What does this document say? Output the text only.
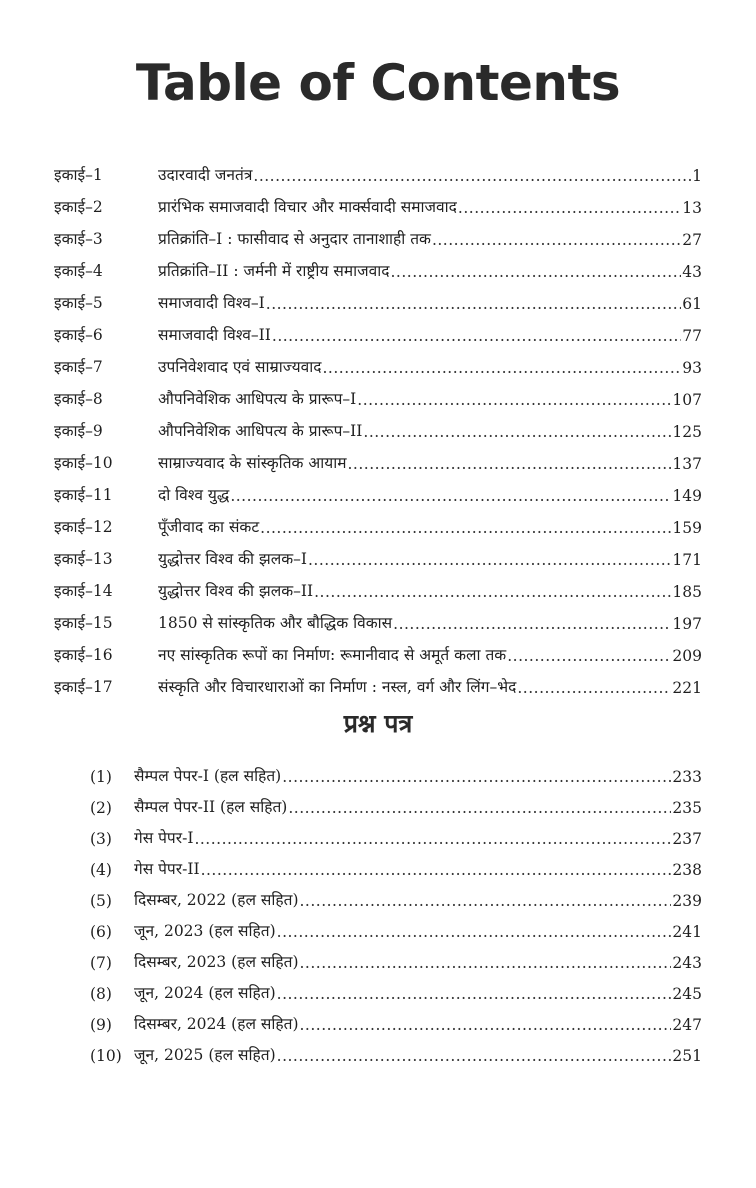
Table of Contents
इकाई–1	उदारवादी जनतंत्र .....	1
इकाई–2	प्रारंभिक समाजवादी विचार और मार्क्सवादी समाजवाद .....	13
इकाई–3	प्रतिक्रांति–I : फासीवाद से अनुदार तानाशाही तक .....	27
इकाई–4	प्रतिक्रांति–II : जर्मनी में राष्ट्रीय समाजवाद .....	43
इकाई–5	समाजवादी विश्व–I .....	61
इकाई–6	समाजवादी विश्व–II .....	77
इकाई–7	उपनिवेशवाद एवं साम्राज्यवाद .....	93
इकाई–8	औपनिवेशिक आधिपत्य के प्रारूप–I .....	107
इकाई–9	औपनिवेशिक आधिपत्य के प्रारूप–II .....	125
इकाई–10	साम्राज्यवाद के सांस्कृतिक आयाम .....	137
इकाई–11	दो विश्व युद्ध .....	149
इकाई–12	पूँजीवाद का संकट .....	159
इकाई–13	युद्धोत्तर विश्व की झलक–I .....	171
इकाई–14	युद्धोत्तर विश्व की झलक–II .....	185
इकाई–15	1850 से सांस्कृतिक और बौद्धिक विकास .....	197
इकाई–16	नए सांस्कृतिक रूपों का निर्माण: रूमानीवाद से अमूर्त कला तक .....	209
इकाई–17	संस्कृति और विचारधाराओं का निर्माण : नस्ल, वर्ग और लिंग–भेद .....	221
प्रश्न पत्र
(1)	सैम्पल पेपर-I (हल सहित) .....	233
(2)	सैम्पल पेपर-II (हल सहित) .....	235
(3)	गेस पेपर-I .....	237
(4)	गेस पेपर-II .....	238
(5)	दिसम्बर, 2022 (हल सहित) .....	239
(6)	जून, 2023 (हल सहित) .....	241
(7)	दिसम्बर, 2023 (हल सहित) .....	243
(8)	जून, 2024 (हल सहित) .....	245
(9)	दिसम्बर, 2024 (हल सहित) .....	247
(10) जून, 2025 (हल सहित) .....	251
